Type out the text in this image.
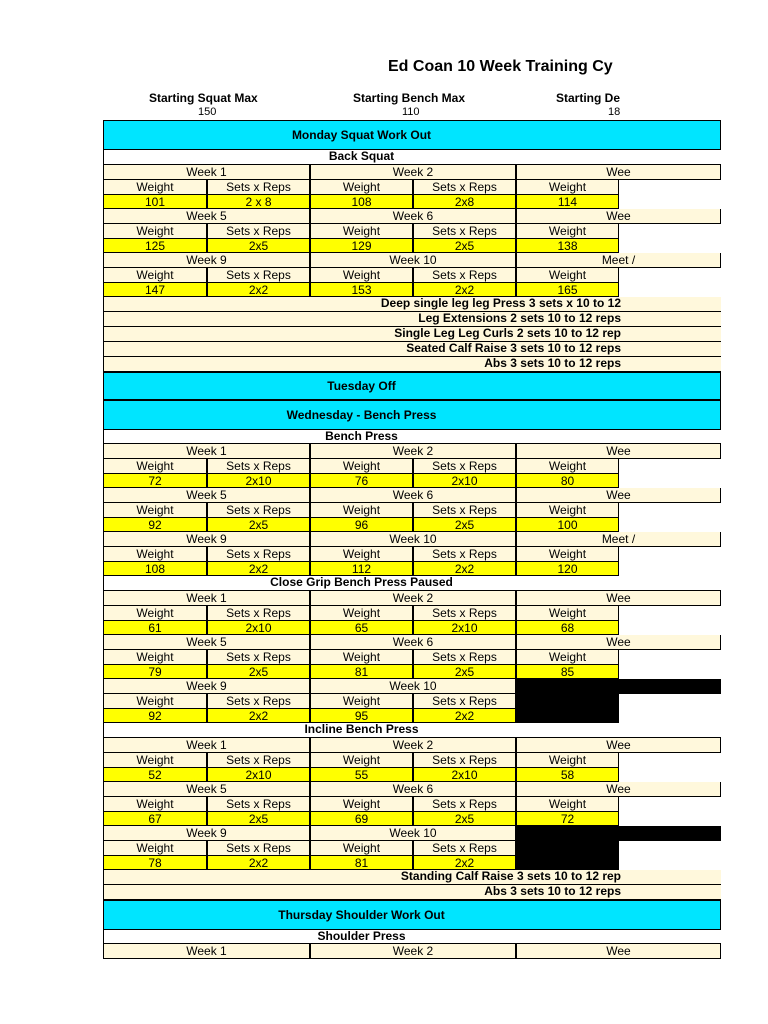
Ed Coan 10 Week Training Cy
Starting Squat Max
150
Starting Bench Max
110
Starting De
18
Monday Squat Work Out
Back Squat
Week 1	Week 2	Wee
Weight	Sets x Reps	Weight	Sets x Reps	Weight
101	2 x 8	108	2x8	114
Week 5	Week 6	Wee
Weight	Sets x Reps	Weight	Sets x Reps	Weight
125	2x5	129	2x5	138
Week 9	Week 10	Meet /
Weight	Sets x Reps	Weight	Sets x Reps	Weight
147	2x2	153	2x2	165
Deep single leg leg Press 3 sets x 10 to 12
Leg Extensions 2 sets 10 to 12 reps
Single Leg Leg Curls 2 sets 10 to 12 rep
Seated Calf Raise 3 sets 10 to 12 reps
Abs 3 sets 10 to 12 reps
Tuesday Off
Wednesday - Bench Press
Bench Press
Week 1	Week 2	Wee
Weight	Sets x Reps	Weight	Sets x Reps	Weight
72	2x10	76	2x10	80
Week 5	Week 6	Wee
Weight	Sets x Reps	Weight	Sets x Reps	Weight
92	2x5	96	2x5	100
Week 9	Week 10	Meet /
Weight	Sets x Reps	Weight	Sets x Reps	Weight
108	2x2	112	2x2	120
Close Grip Bench Press Paused
Week 1	Week 2	Wee
Weight	Sets x Reps	Weight	Sets x Reps	Weight
61	2x10	65	2x10	68
Week 5	Week 6	Wee
Weight	Sets x Reps	Weight	Sets x Reps	Weight
79	2x5	81	2x5	85
Week 9	Week 10
Weight	Sets x Reps	Weight	Sets x Reps
92	2x2	95	2x2
Incline Bench Press
Week 1	Week 2	Wee
Weight	Sets x Reps	Weight	Sets x Reps	Weight
52	2x10	55	2x10	58
Week 5	Week 6	Wee
Weight	Sets x Reps	Weight	Sets x Reps	Weight
67	2x5	69	2x5	72
Week 9	Week 10
Weight	Sets x Reps	Weight	Sets x Reps
78	2x2	81	2x2
Standing Calf Raise 3 sets 10 to 12 rep
Abs 3 sets 10 to 12 reps
Thursday Shoulder Work Out
Shoulder Press
Week 1	Week 2	Wee
